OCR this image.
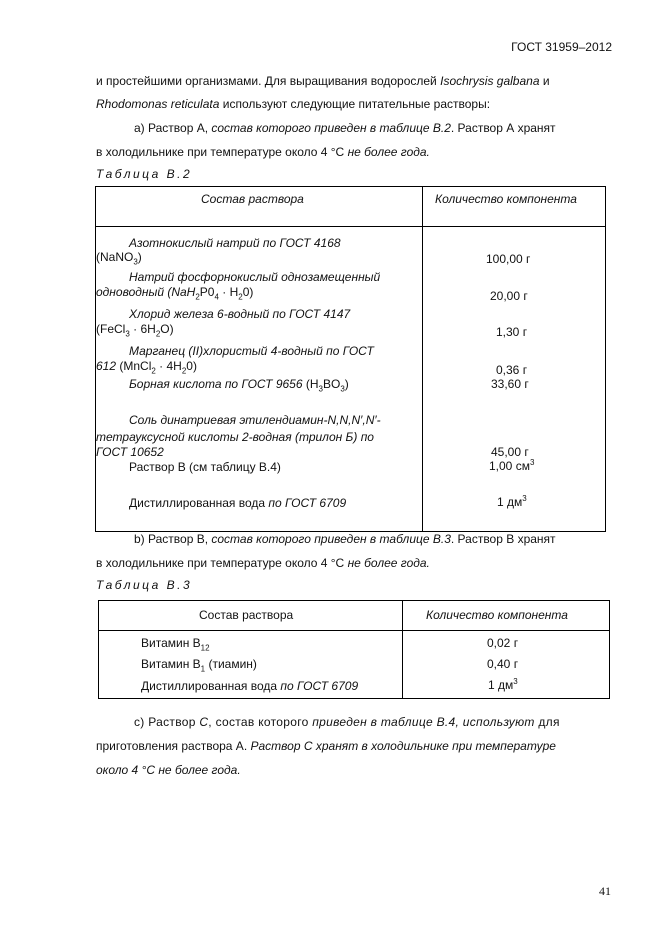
ГОСТ 31959–2012
и простейшими организмами. Для выращивания водорослей Isochrysis galbana и
Rhodomonas reticulata используют следующие питательные растворы:
а) Раствор А, состав которого приведен в таблице В.2. Раствор А хранят
в холодильнике при температуре около 4 °С не более года.
Таблица В.2
Состав раствора	Количество компонента
Азотнокислый натрий по ГОСТ 4168
(NaNO$_3$)	100,00 г
Натрий фосфорнокислый однозамещенный
одноводный $(NaH_2P0_4 \cdot H_20)$	20,00 г
Хлорид железа 6-водный по ГОСТ 4147
(FeCl$_3$ · $6H_2O$)	1,30 г
Марганец (II)хлористый 4-водный по ГОСТ
612 (MnCl$_2$ · $4H_20$)	0,36 г
Борная кислота по ГОСТ 9656 $(H_3BO_3)$	33,60 г
Соль динатриевая этилендиамин-N,N,N′,N′-
тетрауксусной кислоты 2-водная (трилон Б) по
ГОСТ 10652	45,00 г
Раствор В (см таблицу В.4)	1,00 $см^3$
Дистиллированная вода по ГОСТ 6709	1 $дм^3$
b) Раствор В, состав которого приведен в таблице В.3. Раствор В хранят
в холодильнике при температуре около 4 °С не более года.
Таблица В.3
Состав раствора	Количество компонента
Витамин $В_{12}$	0,02 г
Витамин $В_1$ (тиамин)	0,40 г
Дистиллированная вода по ГОСТ 6709	1 $дм^3$
с) Раствор С, состав которого приведен в таблице В.4, используют для
приготовления раствора А. Раствор С хранят в холодильнике при температуре
около 4 °С не более года.
41
